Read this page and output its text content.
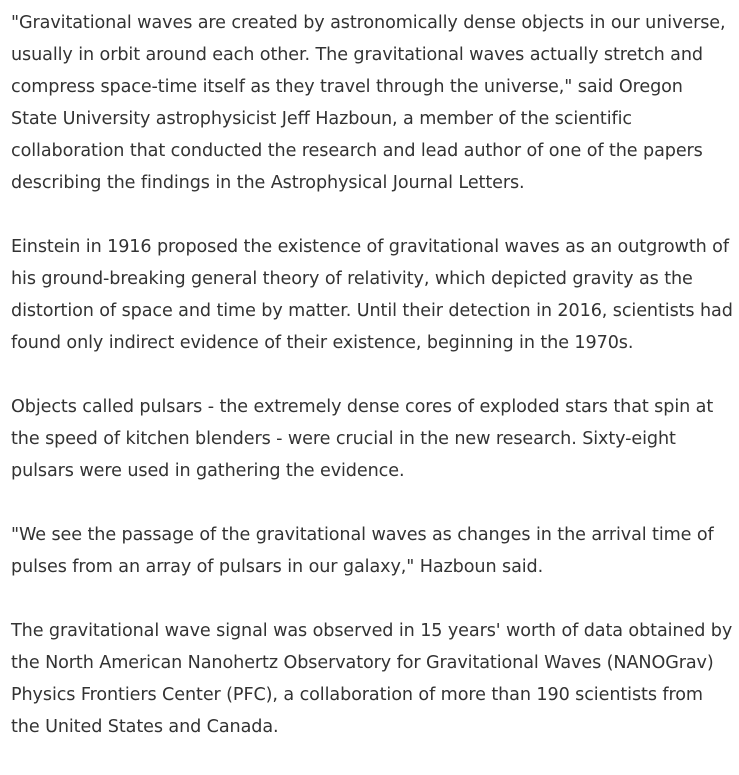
"Gravitational waves are created by astronomically dense objects in our universe, usually in orbit around each other. The gravitational waves actually stretch and compress space-time itself as they travel through the universe," said Oregon State University astrophysicist Jeff Hazboun, a member of the scientific collaboration that conducted the research and lead author of one of the papers describing the findings in the Astrophysical Journal Letters.

Einstein in 1916 proposed the existence of gravitational waves as an outgrowth of his ground-breaking general theory of relativity, which depicted gravity as the distortion of space and time by matter. Until their detection in 2016, scientists had found only indirect evidence of their existence, beginning in the 1970s.

Objects called pulsars - the extremely dense cores of exploded stars that spin at the speed of kitchen blenders - were crucial in the new research. Sixty-eight pulsars were used in gathering the evidence.

"We see the passage of the gravitational waves as changes in the arrival time of pulses from an array of pulsars in our galaxy," Hazboun said.

The gravitational wave signal was observed in 15 years' worth of data obtained by the North American Nanohertz Observatory for Gravitational Waves (NANOGrav) Physics Frontiers Center (PFC), a collaboration of more than 190 scientists from the United States and Canada.
